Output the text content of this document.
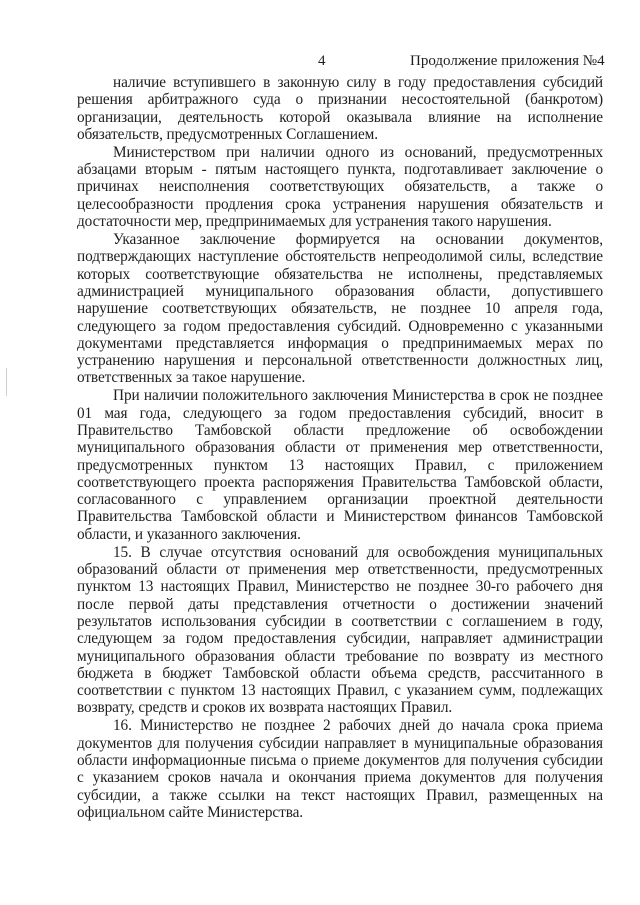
4	Продолжение приложения №4

наличие вступившего в законную силу в году предоставления субсидий решения арбитражного суда о признании несостоятельной (банкротом) организации, деятельность которой оказывала влияние на исполнение обязательств, предусмотренных Соглашением.

Министерством при наличии одного из оснований, предусмотренных абзацами вторым - пятым настоящего пункта, подготавливает заключение о причинах неисполнения соответствующих обязательств, а также о целесообразности продления срока устранения нарушения обязательств и достаточности мер, предпринимаемых для устранения такого нарушения.

Указанное заключение формируется на основании документов, подтверждающих наступление обстоятельств непреодолимой силы, вследствие которых соответствующие обязательства не исполнены, представляемых администрацией муниципального образования области, допустившего нарушение соответствующих обязательств, не позднее 10 апреля года, следующего за годом предоставления субсидий. Одновременно с указанными документами представляется информация о предпринимаемых мерах по устранению нарушения и персональной ответственности должностных лиц, ответственных за такое нарушение.

При наличии положительного заключения Министерства в срок не позднее 01 мая года, следующего за годом предоставления субсидий, вносит в Правительство Тамбовской области предложение об освобождении муниципального образования области от применения мер ответственности, предусмотренных пунктом 13 настоящих Правил, с приложением соответствующего проекта распоряжения Правительства Тамбовской области, согласованного с управлением организации проектной деятельности Правительства Тамбовской области и Министерством финансов Тамбовской области, и указанного заключения.

15. В случае отсутствия оснований для освобождения муниципальных образований области от применения мер ответственности, предусмотренных пунктом 13 настоящих Правил, Министерство не позднее 30-го рабочего дня после первой даты представления отчетности о достижении значений результатов использования субсидии в соответствии с соглашением в году, следующем за годом предоставления субсидии, направляет администрации муниципального образования области требование по возврату из местного бюджета в бюджет Тамбовской области объема средств, рассчитанного в соответствии с пунктом 13 настоящих Правил, с указанием сумм, подлежащих возврату, средств и сроков их возврата настоящих Правил.

16. Министерство не позднее 2 рабочих дней до начала срока приема документов для получения субсидии направляет в муниципальные образования области информационные письма о приеме документов для получения субсидии с указанием сроков начала и окончания приема документов для получения субсидии, а также ссылки на текст настоящих Правил, размещенных на официальном сайте Министерства.
